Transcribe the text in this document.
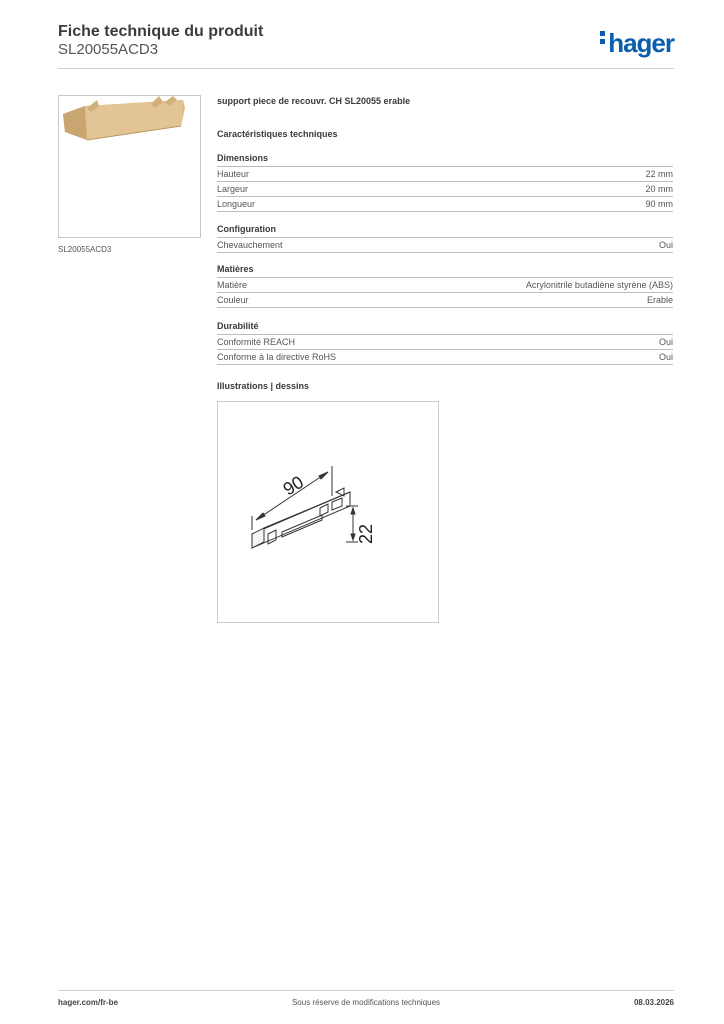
Fiche technique du produit
SL20055ACD3	hager
SL20055ACD3
support piece de recouvr. CH SL20055 erable
Caractéristiques techniques
Dimensions
Hauteur	22 mm
Largeur	20 mm
Longueur	90 mm
Configuration
Chevauchement	Oui
Matières
Matière	Acrylonitrile butadiène styrène (ABS)
Couleur	Erable
Durabilité
Conformité REACH	Oui
Conforme à la directive RoHS	Oui
Illustrations | dessins
90
22
hager.com/fr-be	Sous réserve de modifications techniques	08.03.2026
